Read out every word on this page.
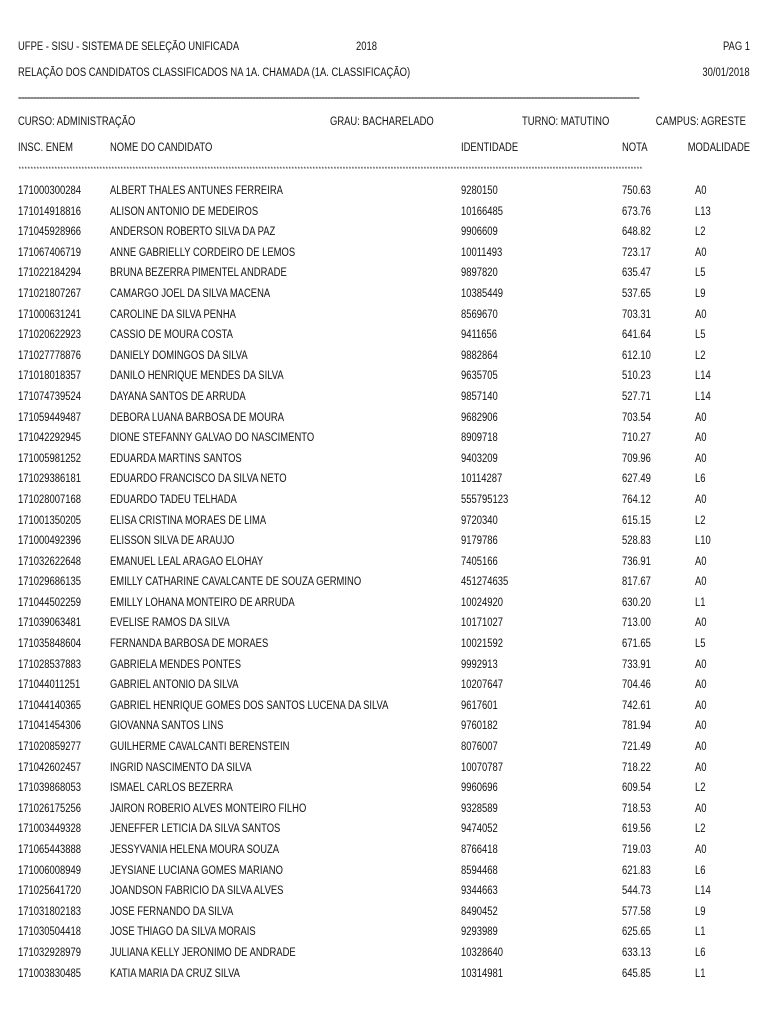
UFPE - SISU - SISTEMA DE SELEÇÃO UNIFICADA	2018	PAG 1
RELAÇÃO DOS CANDIDATOS CLASSIFICADOS NA 1A. CHAMADA (1A. CLASSIFICAÇÃO)	30/01/2018
===============================================================================================================================================================================================================
CURSO: ADMINISTRAÇÃO	GRAU: BACHARELADO	TURNO: MATUTINO	CAMPUS: AGRESTE
INSC. ENEM	NOME DO CANDIDATO	IDENTIDADE	NOTA	MODALIDADE
****************************************************************************************************************************************************************************************************************
171000300284	ALBERT THALES ANTUNES FERREIRA	9280150	750.63	A0
171014918816	ALISON ANTONIO DE MEDEIROS	10166485	673.76	L13
171045928966	ANDERSON ROBERTO SILVA DA PAZ	9906609	648.82	L2
171067406719	ANNE GABRIELLY CORDEIRO DE LEMOS	10011493	723.17	A0
171022184294	BRUNA BEZERRA PIMENTEL ANDRADE	9897820	635.47	L5
171021807267	CAMARGO JOEL DA SILVA MACENA	10385449	537.65	L9
171000631241	CAROLINE DA SILVA PENHA	8569670	703.31	A0
171020622923	CASSIO DE MOURA COSTA	9411656	641.64	L5
171027778876	DANIELY DOMINGOS DA SILVA	9882864	612.10	L2
171018018357	DANILO HENRIQUE MENDES DA SILVA	9635705	510.23	L14
171074739524	DAYANA SANTOS DE ARRUDA	9857140	527.71	L14
171059449487	DEBORA LUANA BARBOSA DE MOURA	9682906	703.54	A0
171042292945	DIONE STEFANNY GALVAO DO NASCIMENTO	8909718	710.27	A0
171005981252	EDUARDA MARTINS SANTOS	9403209	709.96	A0
171029386181	EDUARDO FRANCISCO DA SILVA NETO	10114287	627.49	L6
171028007168	EDUARDO TADEU TELHADA	555795123	764.12	A0
171001350205	ELISA CRISTINA MORAES DE LIMA	9720340	615.15	L2
171000492396	ELISSON SILVA DE ARAUJO	9179786	528.83	L10
171032622648	EMANUEL LEAL ARAGAO ELOHAY	7405166	736.91	A0
171029686135	EMILLY CATHARINE CAVALCANTE DE SOUZA GERMINO	451274635	817.67	A0
171044502259	EMILLY LOHANA MONTEIRO DE ARRUDA	10024920	630.20	L1
171039063481	EVELISE RAMOS DA SILVA	10171027	713.00	A0
171035848604	FERNANDA BARBOSA DE MORAES	10021592	671.65	L5
171028537883	GABRIELA MENDES PONTES	9992913	733.91	A0
171044011251	GABRIEL ANTONIO DA SILVA	10207647	704.46	A0
171044140365	GABRIEL HENRIQUE GOMES DOS SANTOS LUCENA DA SILVA	9617601	742.61	A0
171041454306	GIOVANNA SANTOS LINS	9760182	781.94	A0
171020859277	GUILHERME CAVALCANTI BERENSTEIN	8076007	721.49	A0
171042602457	INGRID NASCIMENTO DA SILVA	10070787	718.22	A0
171039868053	ISMAEL CARLOS BEZERRA	9960696	609.54	L2
171026175256	JAIRON ROBERIO ALVES MONTEIRO FILHO	9328589	718.53	A0
171003449328	JENEFFER LETICIA DA SILVA SANTOS	9474052	619.56	L2
171065443888	JESSYVANIA HELENA MOURA SOUZA	8766418	719.03	A0
171006008949	JEYSIANE LUCIANA GOMES MARIANO	8594468	621.83	L6
171025641720	JOANDSON FABRICIO DA SILVA ALVES	9344663	544.73	L14
171031802183	JOSE FERNANDO DA SILVA	8490452	577.58	L9
171030504418	JOSE THIAGO DA SILVA MORAIS	9293989	625.65	L1
171032928979	JULIANA KELLY JERONIMO DE ANDRADE	10328640	633.13	L6
171003830485	KATIA MARIA DA CRUZ SILVA	10314981	645.85	L1
